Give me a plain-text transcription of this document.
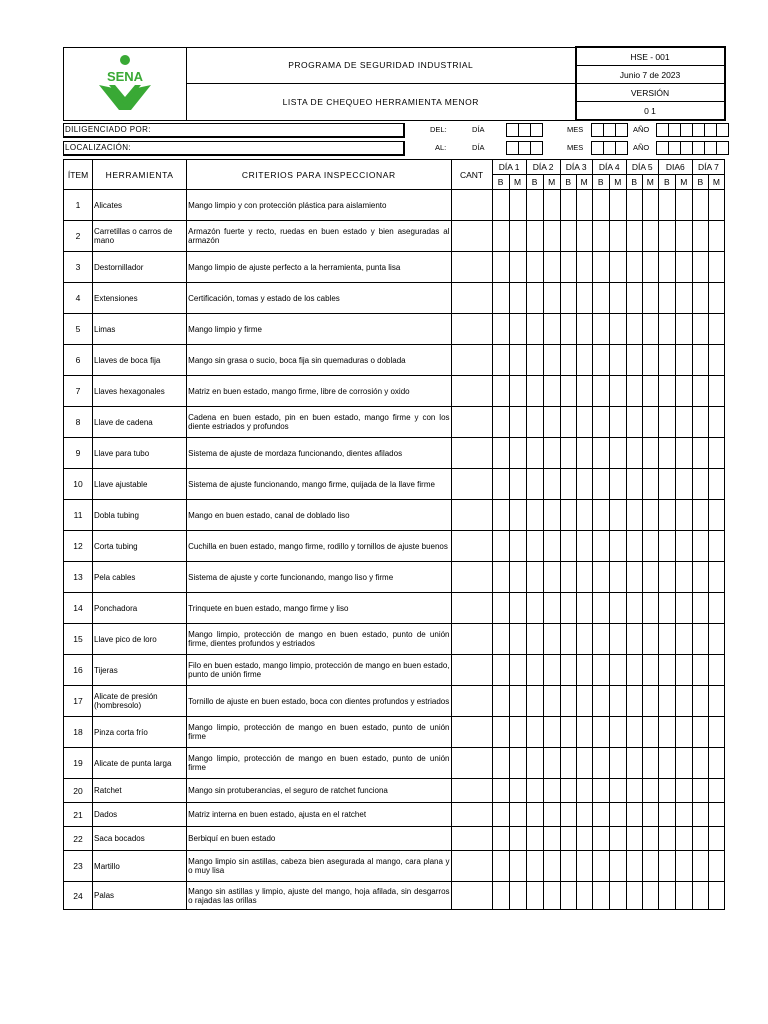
SENA	PROGRAMA DE SEGURIDAD INDUSTRIAL	HSE - 001
		Junio 7 de 2023
	LISTA DE CHEQUEO HERRAMIENTA MENOR	VERSIÓN
		0 1
DILIGENCIADO POR:	DEL:	DÍA	MES	AÑO
LOCALIZACIÓN:	AL:	DÍA	MES	AÑO
ÍTEM	HERRAMIENTA	CRITERIOS PARA INSPECCIONAR	CANT	DÍA 1		DÍA 2		DÍA 3		DÍA 4		DÍA 5		DIA6		DÍA 7	
				B	M	B	M	B	M	B	M	B	M	B	M	B	M
1	Alicates	Mango limpio y con protección plástica para aislamiento															
2	Carretillas o carros de mano	Armazón fuerte y recto, ruedas en buen estado y bien aseguradas al armazón															
3	Destornillador	Mango limpio de ajuste perfecto a la herramienta, punta lisa															
4	Extensiones	Certificación, tomas y estado de los cables															
5	Limas	Mango limpio y firme															
6	Llaves de boca fija	Mango sin grasa o sucio, boca fija sin quemaduras o doblada															
7	Llaves hexagonales	Matriz en buen estado, mango firme, libre de corrosión y oxido															
8	Llave de cadena	Cadena en buen estado, pin en buen estado, mango firme y con los diente estriados y profundos															
9	Llave para tubo	Sistema de ajuste de mordaza funcionando, dientes afilados															
10	Llave ajustable	Sistema de ajuste funcionando, mango firme, quijada de la llave firme															
11	Dobla tubing	Mango en buen estado, canal de doblado liso															
12	Corta tubing	Cuchilla en buen estado, mango firme, rodillo y tornillos de ajuste buenos															
13	Pela cables	Sistema de ajuste y corte funcionando, mango liso y firme															
14	Ponchadora	Trinquete en buen estado, mango firme y liso															
15	Llave pico de loro	Mango limpio, protección de mango en buen estado, punto de unión firme, dientes profundos y estriados															
16	Tijeras	Filo en buen estado, mango limpio, protección de mango en buen estado, punto de unión firme															
17	Alicate de presión (hombresolo)	Tornillo de ajuste en buen estado, boca con dientes profundos y estriados															
18	Pinza corta frío	Mango limpio, protección de mango en buen estado, punto de unión firme															
19	Alicate de punta larga	Mango limpio, protección de mango en buen estado, punto de unión firme															
20	Ratchet	Mango sin protuberancias, el seguro de ratchet funciona															
21	Dados	Matriz interna en buen estado, ajusta en el ratchet															
22	Saca bocados	Berbiquí en buen estado															
23	Martillo	Mango limpio sin astillas, cabeza bien asegurada al mango, cara plana y o muy lisa															
24	Palas	Mango sin astillas y limpio, ajuste del mango, hoja afilada, sin desgarros o rajadas las orillas															
